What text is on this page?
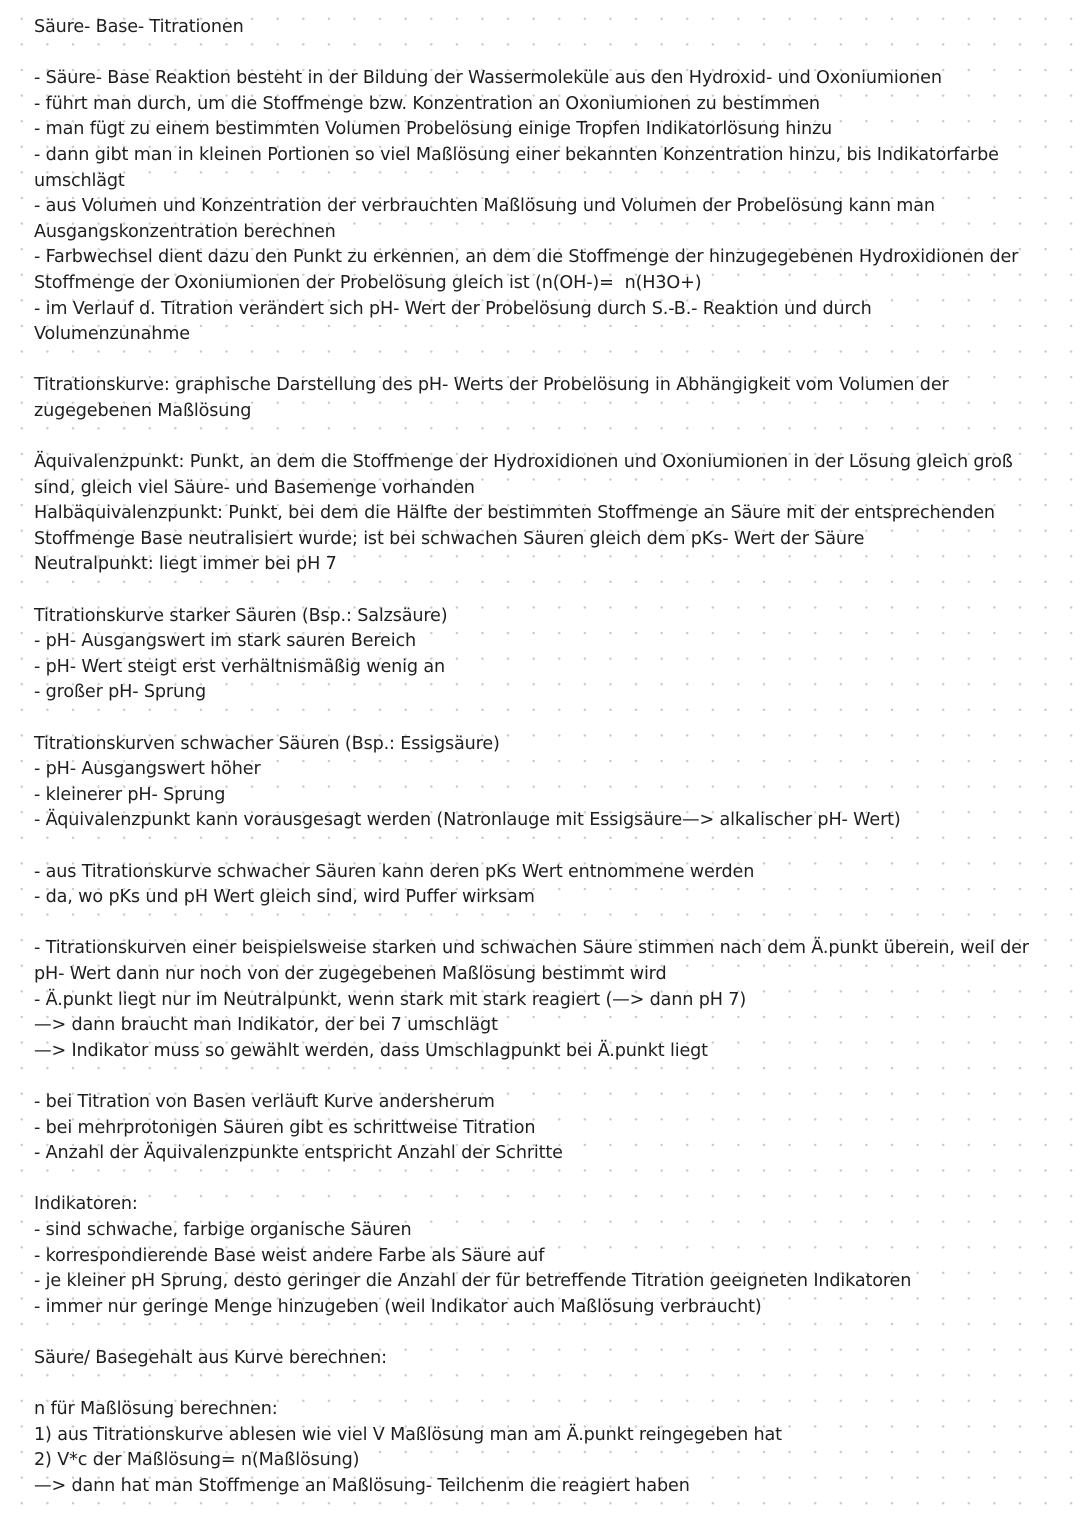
Säure- Base- Titrationen
- Säure- Base Reaktion besteht in der Bildung der Wassermoleküle aus den Hydroxid- und Oxoniumionen
- führt man durch, um die Stoffmenge bzw. Konzentration an Oxoniumionen zu bestimmen
- man fügt zu einem bestimmten Volumen Probelösung einige Tropfen Indikatorlösung hinzu
- dann gibt man in kleinen Portionen so viel Maßlösung einer bekannten Konzentration hinzu, bis Indikatorfarbe
umschlägt
- aus Volumen und Konzentration der verbrauchten Maßlösung und Volumen der Probelösung kann man
Ausgangskonzentration berechnen
- Farbwechsel dient dazu den Punkt zu erkennen, an dem die Stoffmenge der hinzugegebenen Hydroxidionen der
Stoffmenge der Oxoniumionen der Probelösung gleich ist (n(OH-)=  n(H3O+)
- im Verlauf d. Titration verändert sich pH- Wert der Probelösung durch S.-B.- Reaktion und durch
Volumenzunahme
Titrationskurve: graphische Darstellung des pH- Werts der Probelösung in Abhängigkeit vom Volumen der
zugegebenen Maßlösung
Äquivalenzpunkt: Punkt, an dem die Stoffmenge der Hydroxidionen und Oxoniumionen in der Lösung gleich groß
sind, gleich viel Säure- und Basemenge vorhanden
Halbäquivalenzpunkt: Punkt, bei dem die Hälfte der bestimmten Stoffmenge an Säure mit der entsprechenden
Stoffmenge Base neutralisiert wurde; ist bei schwachen Säuren gleich dem pKs- Wert der Säure
Neutralpunkt: liegt immer bei pH 7
Titrationskurve starker Säuren (Bsp.: Salzsäure)
- pH- Ausgangswert im stark sauren Bereich
- pH- Wert steigt erst verhältnismäßig wenig an
- großer pH- Sprung
Titrationskurven schwacher Säuren (Bsp.: Essigsäure)
- pH- Ausgangswert höher
- kleinerer pH- Sprung
- Äquivalenzpunkt kann vorausgesagt werden (Natronlauge mit Essigsäure—> alkalischer pH- Wert)
- aus Titrationskurve schwacher Säuren kann deren pKs Wert entnommene werden
- da, wo pKs und pH Wert gleich sind, wird Puffer wirksam
- Titrationskurven einer beispielsweise starken und schwachen Säure stimmen nach dem Ä.punkt überein, weil der
pH- Wert dann nur noch von der zugegebenen Maßlösung bestimmt wird
- Ä.punkt liegt nur im Neutralpunkt, wenn stark mit stark reagiert (—> dann pH 7)
—> dann braucht man Indikator, der bei 7 umschlägt
—> Indikator muss so gewählt werden, dass Umschlagpunkt bei Ä.punkt liegt
- bei Titration von Basen verläuft Kurve andersherum
- bei mehrprotonigen Säuren gibt es schrittweise Titration
- Anzahl der Äquivalenzpunkte entspricht Anzahl der Schritte
Indikatoren:
- sind schwache, farbige organische Säuren
- korrespondierende Base weist andere Farbe als Säure auf
- je kleiner pH Sprung, desto geringer die Anzahl der für betreffende Titration geeigneten Indikatoren
- immer nur geringe Menge hinzugeben (weil Indikator auch Maßlösung verbraucht)
Säure/ Basegehalt aus Kurve berechnen:
n für Maßlösung berechnen:
1) aus Titrationskurve ablesen wie viel V Maßlösung man am Ä.punkt reingegeben hat
2) V*c der Maßlösung= n(Maßlösung)
—> dann hat man Stoffmenge an Maßlösung- Teilchenm die reagiert haben
